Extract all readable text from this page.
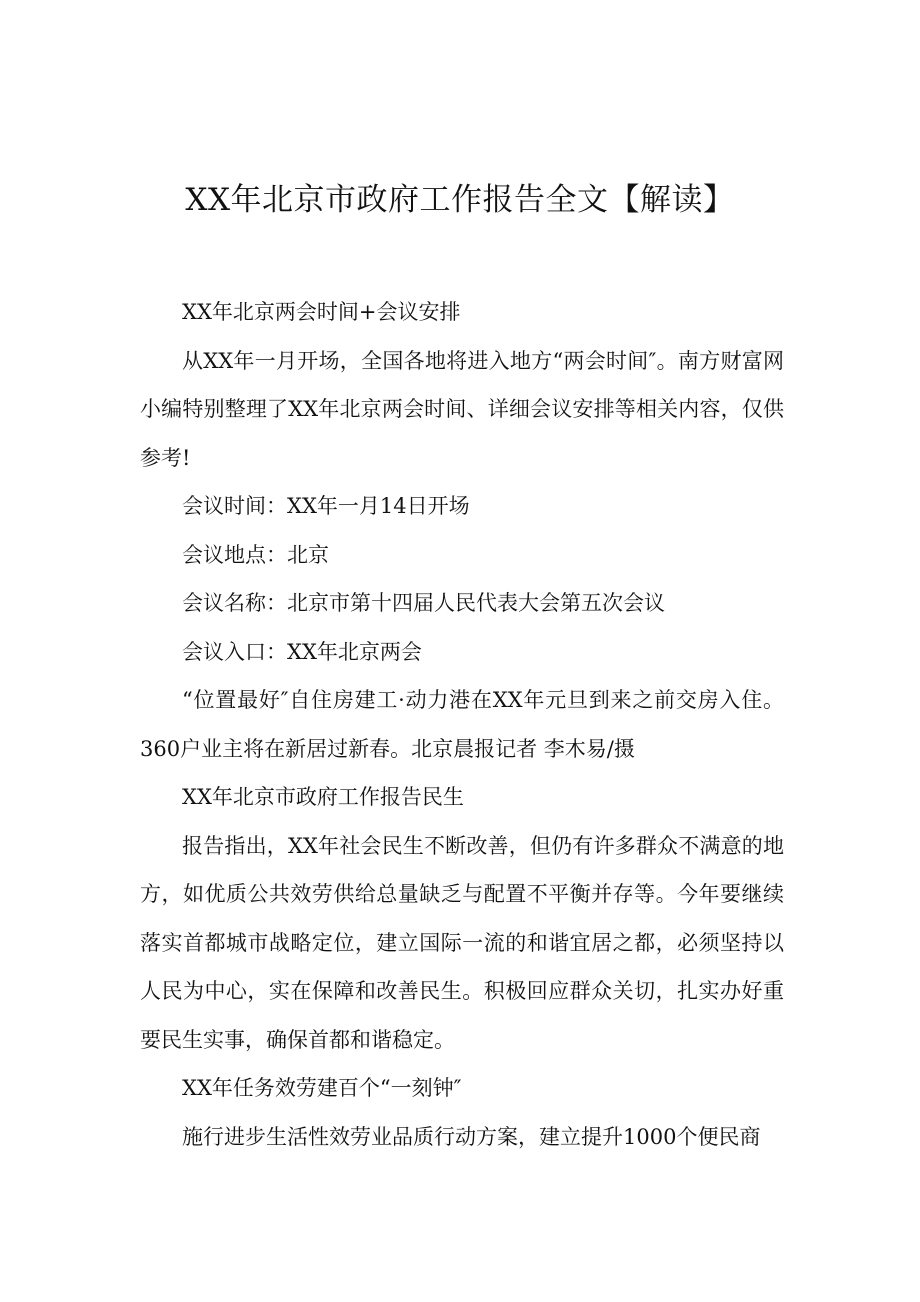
XX年北京市政府工作报告全文【解读】

XX年北京两会时间+会议安排

从XX年一月开场，全国各地将进入地方“两会时间″。南方财富网小编特别整理了XX年北京两会时间、详细会议安排等相关内容，仅供参考!

会议时间：XX年一月14日开场

会议地点：北京

会议名称：北京市第十四届人民代表大会第五次会议

会议入口：XX年北京两会

“位置最好″自住房建工·动力港在XX年元旦到来之前交房入住。360户业主将在新居过新春。北京晨报记者 李木易/摄

XX年北京市政府工作报告民生

报告指出，XX年社会民生不断改善，但仍有许多群众不满意的地方，如优质公共效劳供给总量缺乏与配置不平衡并存等。今年要继续落实首都城市战略定位，建立国际一流的和谐宜居之都，必须坚持以人民为中心，实在保障和改善民生。积极回应群众关切，扎实办好重要民生实事，确保首都和谐稳定。

XX年任务效劳建百个“一刻钟″

施行进步生活性效劳业品质行动方案，建立提升1000个便民商
